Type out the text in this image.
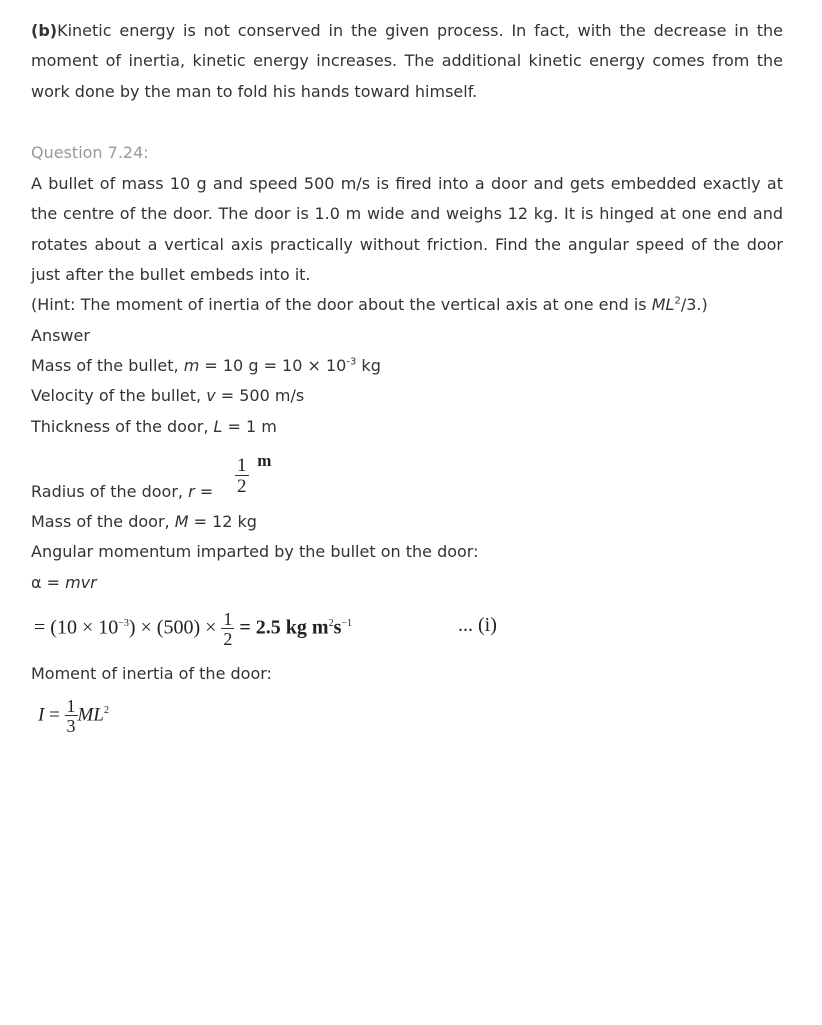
(b)Kinetic energy is not conserved in the given process. In fact, with the decrease in the moment of inertia, kinetic energy increases. The additional kinetic energy comes from the work done by the man to fold his hands toward himself.
Question 7.24:
A bullet of mass 10 g and speed 500 m/s is fired into a door and gets embedded exactly at the centre of the door. The door is 1.0 m wide and weighs 12 kg. It is hinged at one end and rotates about a vertical axis practically without friction. Find the angular speed of the door just after the bullet embeds into it.
(Hint: The moment of inertia of the door about the vertical axis at one end is $ML^2/3$.)
Answer
Mass of the bullet, m = 10 $g = 10 \times 10^{-3}$ kg
Velocity of the bullet, v = 500 m/s
Thickness of the door, L = 1 m
Radius of the door, $r = \frac{1}{2}$ m
Mass of the door, M = 12 kg
Angular momentum imparted by the bullet on the door:
α = mvr
= $(10 \times 10^{-3}) \times (500) \times \frac{1}{2} = 2.5$ kg $m^2s^{-1}$	... (i)
Moment of inertia of the door:
$I = \frac{1}{3} ML^2$
